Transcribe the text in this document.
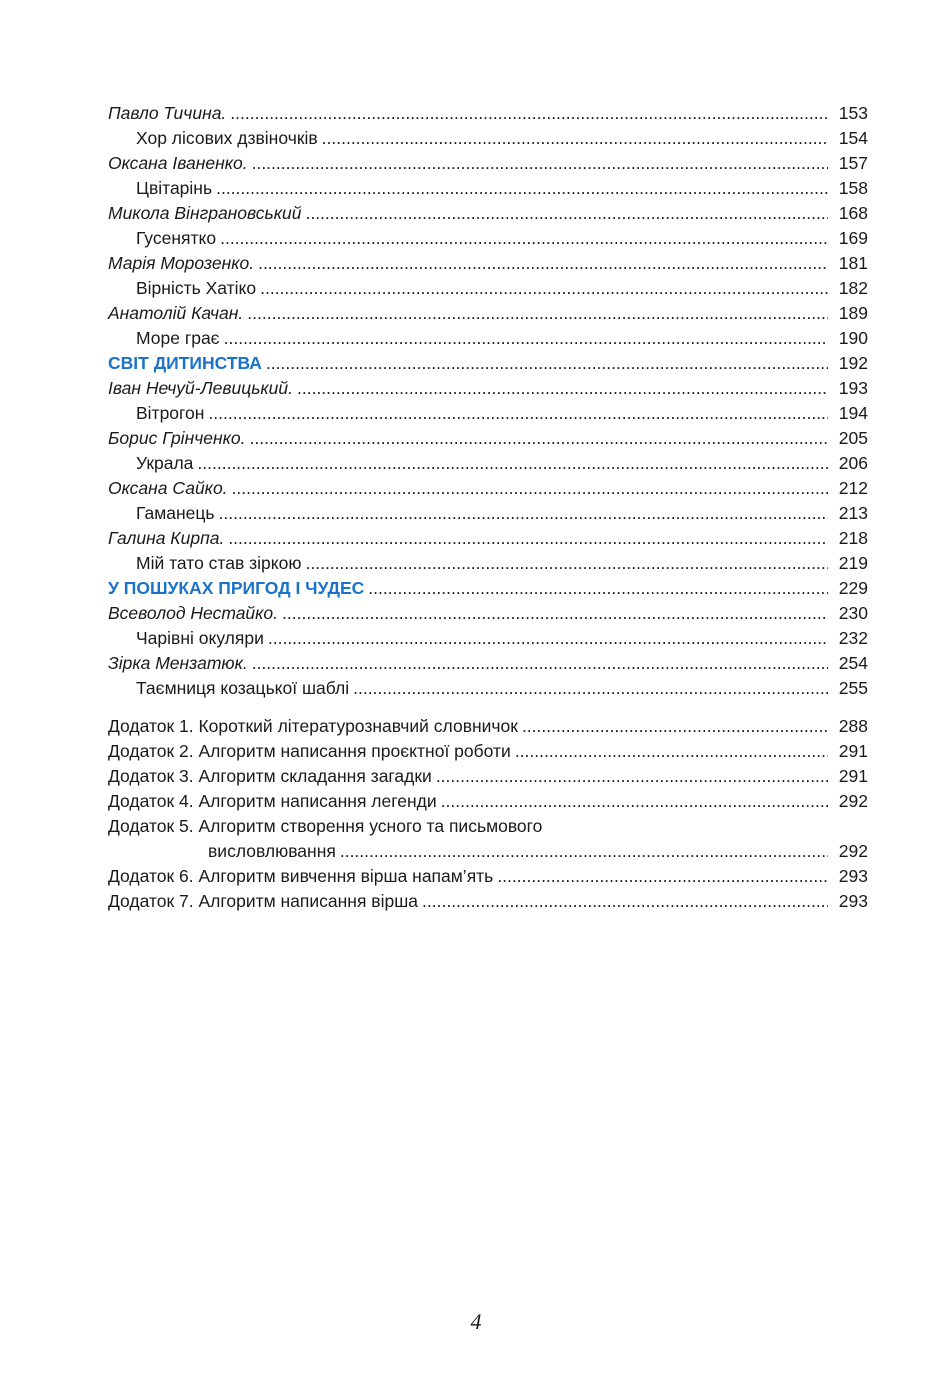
Павло Тичина. .....	153
Хор лісових дзвіночків .....	154
Оксана Іваненко. .....	157
Цвітарінь .....	158
Микола Вінграновський .....	168
Гусенятко .....	169
Марія Морозенко. .....	181
Вірність Хатіко .....	182
Анатолій Качан. .....	189
Море грає .....	190
СВІТ ДИТИНСТВА .....	192
Іван Нечуй-Левицький. .....	193
Вітрогон .....	194
Борис Грінченко. .....	205
Украла .....	206
Оксана Сайко. .....	212
Гаманець .....	213
Галина Кирпа. .....	218
Мій тато став зіркою .....	219
У ПОШУКАХ ПРИГОД І ЧУДЕС .....	229
Всеволод Нестайко. .....	230
Чарівні окуляри .....	232
Зірка Мензатюк. .....	254
Таємниця козацької шаблі .....	255
Додаток 1. Короткий літературознавчий словничок .....	288
Додаток 2. Алгоритм написання проєктної роботи .....	291
Додаток 3. Алгоритм складання загадки .....	291
Додаток 4. Алгоритм написання легенди .....	292
Додаток 5. Алгоритм створення усного та письмового
висловлювання .....	292
Додаток 6. Алгоритм вивчення вірша напам’ять .....	293
Додаток 7. Алгоритм написання вірша .....	293
4
